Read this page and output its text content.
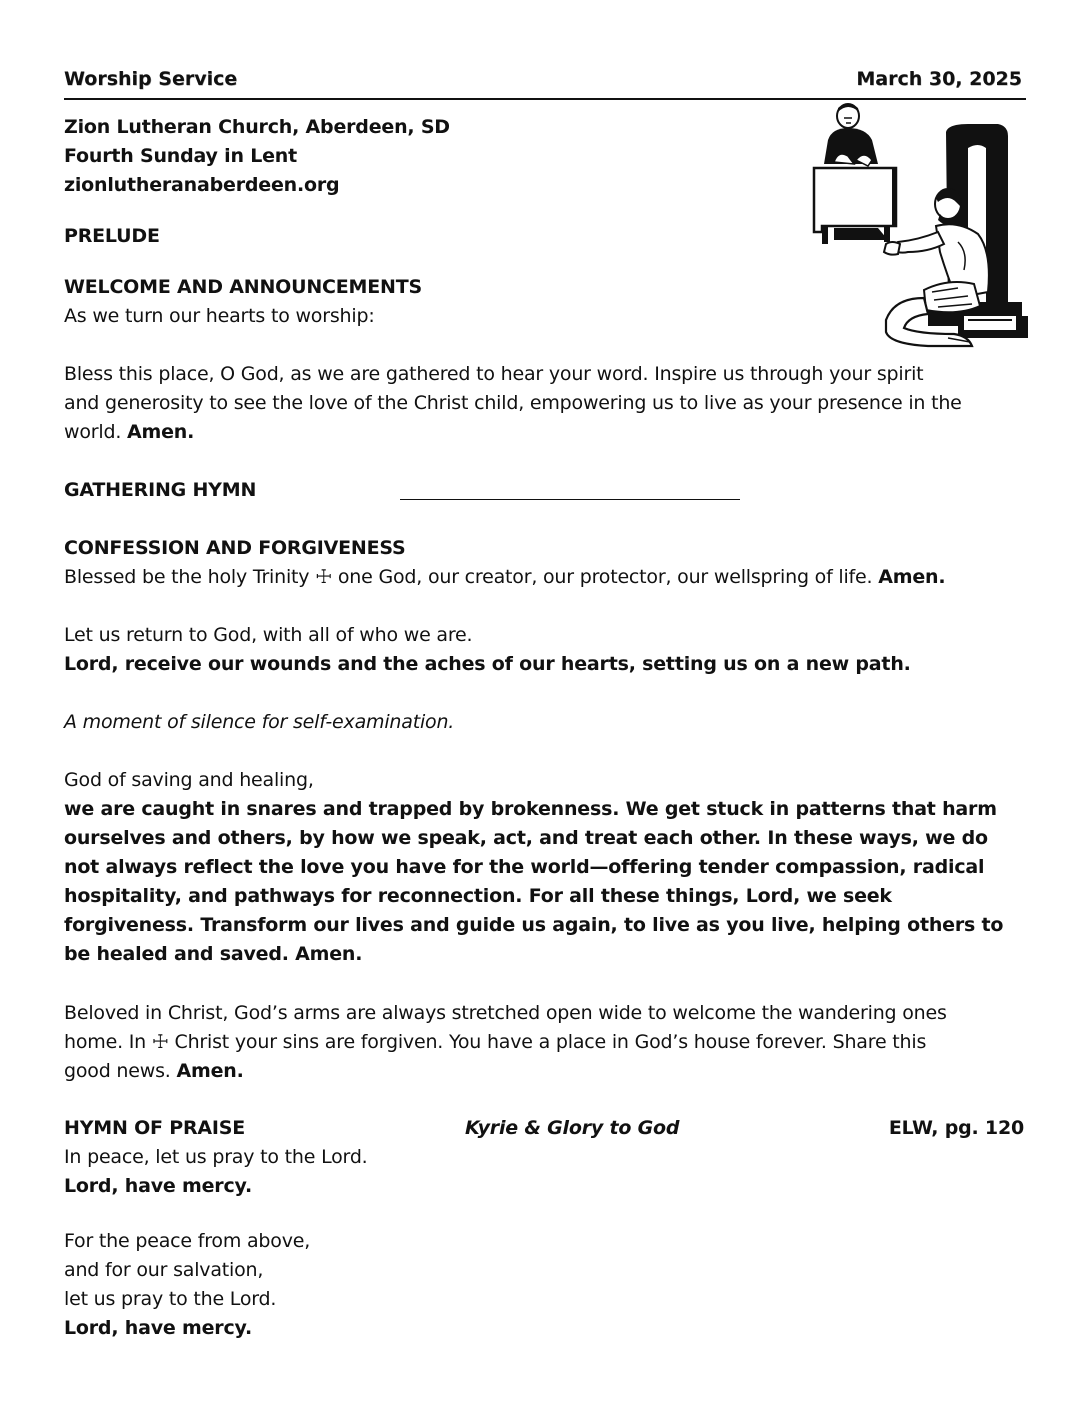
Worship Service	March 30, 2025
Zion Lutheran Church, Aberdeen, SD
Fourth Sunday in Lent
zionlutheranaberdeen.org
PRELUDE
WELCOME AND ANNOUNCEMENTS
As we turn our hearts to worship:
Bless this place, O God, as we are gathered to hear your word. Inspire us through your spirit
and generosity to see the love of the Christ child, empowering us to live as your presence in the
world. Amen.
GATHERING HYMN
CONFESSION AND FORGIVENESS
Blessed be the holy Trinity ☩ one God, our creator, our protector, our wellspring of life. Amen.
Let us return to God, with all of who we are.
Lord, receive our wounds and the aches of our hearts, setting us on a new path.
A moment of silence for self-examination.
God of saving and healing,
we are caught in snares and trapped by brokenness. We get stuck in patterns that harm
ourselves and others, by how we speak, act, and treat each other. In these ways, we do
not always reflect the love you have for the world—offering tender compassion, radical
hospitality, and pathways for reconnection. For all these things, Lord, we seek
forgiveness. Transform our lives and guide us again, to live as you live, helping others to
be healed and saved. Amen.
Beloved in Christ, God’s arms are always stretched open wide to welcome the wandering ones
home. In ☩ Christ your sins are forgiven. You have a place in God’s house forever. Share this
good news. Amen.
HYMN OF PRAISE	Kyrie & Glory to God	ELW, pg. 120
In peace, let us pray to the Lord.
Lord, have mercy.
For the peace from above,
and for our salvation,
let us pray to the Lord.
Lord, have mercy.
